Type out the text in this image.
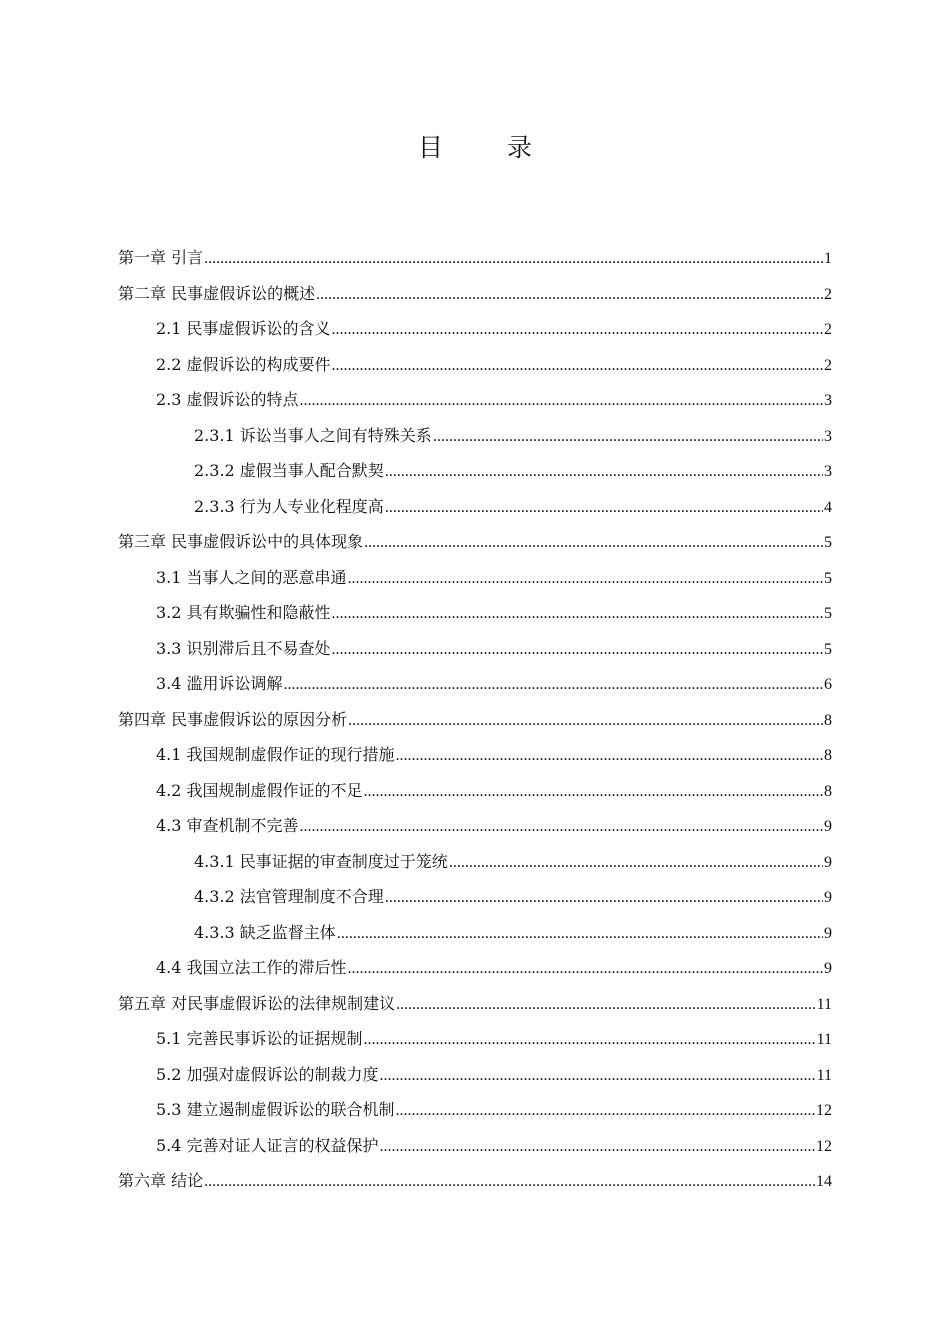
目 录
第一章 引言 .....	1
第二章 民事虚假诉讼的概述 .....	2
2.1 民事虚假诉讼的含义 .....	2
2.2 虚假诉讼的构成要件 .....	2
2.3 虚假诉讼的特点 .....	3
2.3.1 诉讼当事人之间有特殊关系 .....	3
2.3.2 虚假当事人配合默契 .....	3
2.3.3 行为人专业化程度高 .....	4
第三章 民事虚假诉讼中的具体现象 .....	5
3.1 当事人之间的恶意串通 .....	5
3.2 具有欺骗性和隐蔽性 .....	5
3.3 识别滞后且不易查处 .....	5
3.4 滥用诉讼调解 .....	6
第四章 民事虚假诉讼的原因分析 .....	8
4.1 我国规制虚假作证的现行措施 .....	8
4.2 我国规制虚假作证的不足 .....	8
4.3 审查机制不完善 .....	9
4.3.1 民事证据的审查制度过于笼统 .....	9
4.3.2 法官管理制度不合理 .....	9
4.3.3 缺乏监督主体 .....	9
4.4 我国立法工作的滞后性 .....	9
第五章 对民事虚假诉讼的法律规制建议 .....	11
5.1 完善民事诉讼的证据规制 .....	11
5.2 加强对虚假诉讼的制裁力度 .....	11
5.3 建立遏制虚假诉讼的联合机制 .....	12
5.4 完善对证人证言的权益保护 .....	12
第六章 结论 .....	14
